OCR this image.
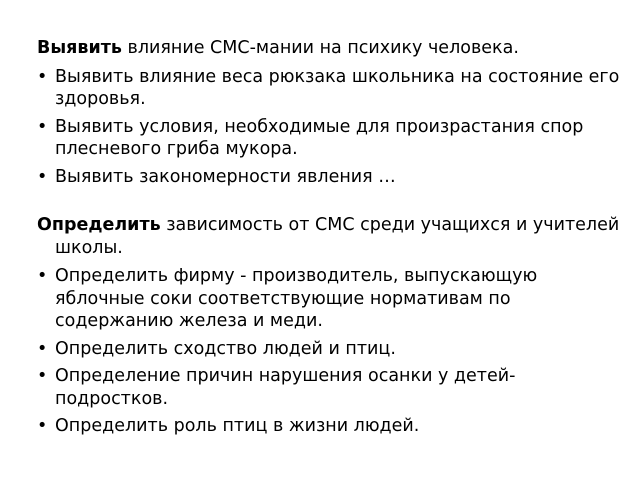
Выявить влияние СМС-мании на психику человека.

• Выявить влияние веса рюкзака школьника на состояние его здоровья.
• Выявить условия, необходимые для произрастания спор плесневого гриба мукора.
• Выявить закономерности явления …

Определить зависимость от СМС среди учащихся и учителей школы.

• Определить фирму - производитель, выпускающую яблочные соки соответствующие нормативам по содержанию железа и меди.
• Определить сходство людей и птиц.
• Определение причин нарушения осанки у детей-подростков.
• Определить роль птиц в жизни людей.
